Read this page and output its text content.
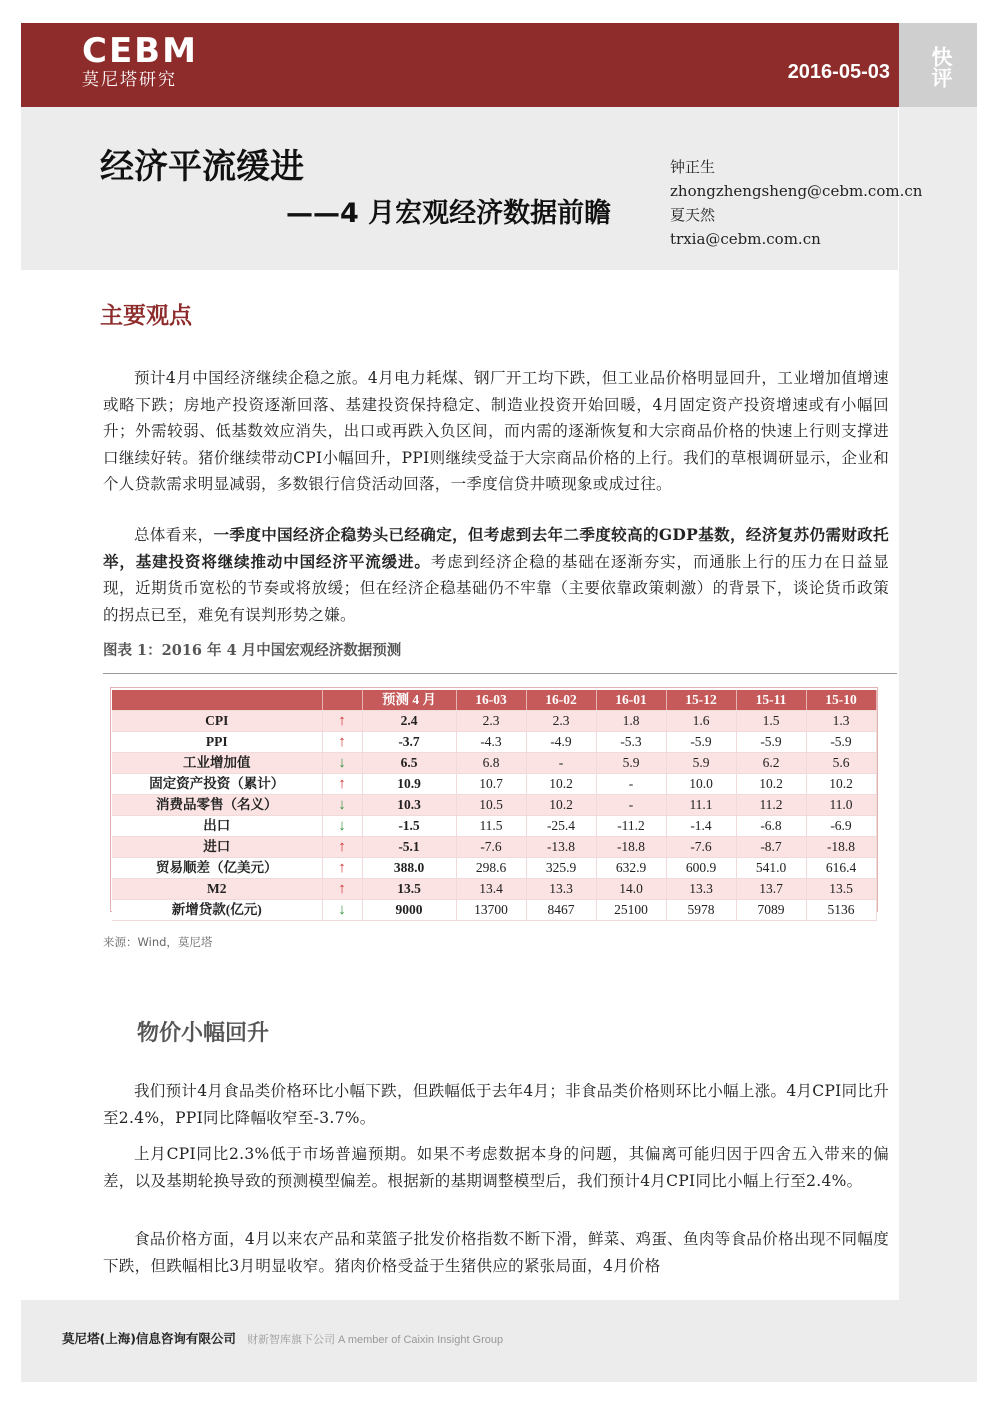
CEBM
莫尼塔研究	2016-05-03 快评
经济平流缓进
——4 月宏观经济数据前瞻
钟正生
zhongzhengsheng@cebm.com.cn
夏天然
trxia@cebm.com.cn
主要观点

预计4月中国经济继续企稳之旅。4月电力耗煤、钢厂开工均下跌，但工业品价格明显回升，工业增加值增速或略下跌；房地产投资逐渐回落、基建投资保持稳定、制造业投资开始回暖，4月固定资产投资增速或有小幅回升；外需较弱、低基数效应消失，出口或再跌入负区间，而内需的逐渐恢复和大宗商品价格的快速上行则支撑进口继续好转。猪价继续带动CPI小幅回升，PPI则继续受益于大宗商品价格的上行。我们的草根调研显示，企业和个人贷款需求明显减弱，多数银行信贷活动回落，一季度信贷井喷现象或成过往。

总体看来，一季度中国经济企稳势头已经确定，但考虑到去年二季度较高的GDP基数，经济复苏仍需财政托举，基建投资将继续推动中国经济平流缓进。考虑到经济企稳的基础在逐渐夯实，而通胀上行的压力在日益显现，近期货币宽松的节奏或将放缓；但在经济企稳基础仍不牢靠（主要依靠政策刺激）的背景下，谈论货币政策的拐点已至，难免有误判形势之嫌。

图表 1：2016 年 4 月中国宏观经济数据预测
		预测 4 月	16-03	16-02	16-01	15-12	15-11	15-10
CPI	↑	2.4	2.3	2.3	1.8	1.6	1.5	1.3
PPI	↑	-3.7	-4.3	-4.9	-5.3	-5.9	-5.9	-5.9
工业增加值	↓	6.5	6.8	-	5.9	5.9	6.2	5.6
固定资产投资（累计）	↑	10.9	10.7	10.2	-	10.0	10.2	10.2
消费品零售（名义）	↓	10.3	10.5	10.2	-	11.1	11.2	11.0
出口	↓	-1.5	11.5	-25.4	-11.2	-1.4	-6.8	-6.9
进口	↑	-5.1	-7.6	-13.8	-18.8	-7.6	-8.7	-18.8
贸易顺差（亿美元）	↑	388.0	298.6	325.9	632.9	600.9	541.0	616.4
M2	↑	13.5	13.4	13.3	14.0	13.3	13.7	13.5
新增贷款(亿元)	↓	9000	13700	8467	25100	5978	7089	5136
来源：Wind，莫尼塔
物价小幅回升

我们预计4月食品类价格环比小幅下跌，但跌幅低于去年4月；非食品类价格则环比小幅上涨。4月CPI同比升至2.4%，PPI同比降幅收窄至-3.7%。

上月CPI同比2.3%低于市场普遍预期。如果不考虑数据本身的问题，其偏离可能归因于四舍五入带来的偏差，以及基期轮换导致的预测模型偏差。根据新的基期调整模型后，我们预计4月CPI同比小幅上行至2.4%。

食品价格方面，4月以来农产品和菜篮子批发价格指数不断下滑，鲜菜、鸡蛋、鱼肉等食品价格出现不同幅度下跌，但跌幅相比3月明显收窄。猪肉价格受益于生猪供应的紧张局面，4月价格

莫尼塔(上海)信息咨询有限公司 财新智库旗下公司 A member of Caixin Insight Group
